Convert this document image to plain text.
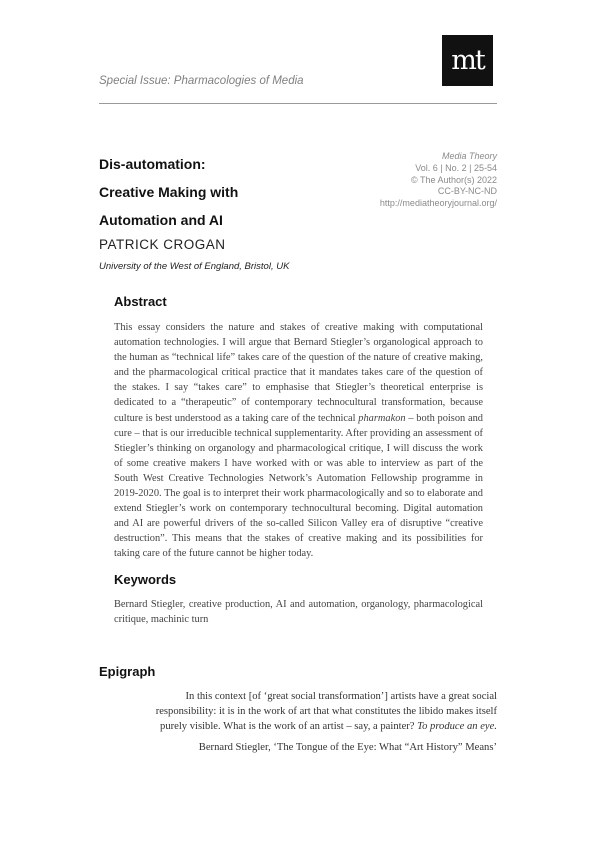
mt
Special Issue: Pharmacologies of Media
Dis-automation:
Creative Making with
Automation and AI
PATRICK CROGAN
University of the West of England, Bristol, UK
Media Theory
Vol. 6 | No. 2 | 25-54
© The Author(s) 2022
CC-BY-NC-ND
http://mediatheoryjournal.org/
Abstract

This essay considers the nature and stakes of creative making with computational automation technologies. I will argue that Bernard Stiegler’s organological approach to the human as “technical life” takes care of the question of the nature of creative making, and the pharmacological critical practice that it mandates takes care of the question of the stakes. I say “takes care” to emphasise that Stiegler’s theoretical enterprise is dedicated to a “therapeutic” of contemporary technocultural transformation, because culture is best understood as a taking care of the technical pharmakon – both poison and cure – that is our irreducible technical supplementarity. After providing an assessment of Stiegler’s thinking on organology and pharmacological critique, I will discuss the work of some creative makers I have worked with or was able to interview as part of the South West Creative Technologies Network’s Automation Fellowship programme in 2019-2020. The goal is to interpret their work pharmacologically and so to elaborate and extend Stiegler’s work on contemporary technocultural becoming. Digital automation and AI are powerful drivers of the so-called Silicon Valley era of disruptive “creative destruction”. This means that the stakes of creative making and its possibilities for taking care of the future cannot be higher today.

Keywords

Bernard Stiegler, creative production, AI and automation, organology, pharmacological critique, machinic turn

Epigraph

In this context [of ‘great social transformation’] artists have a great social responsibility: it is in the work of art that what constitutes the libido makes itself purely visible. What is the work of an artist – say, a painter? To produce an eye.

Bernard Stiegler, ‘The Tongue of the Eye: What “Art History” Means’
